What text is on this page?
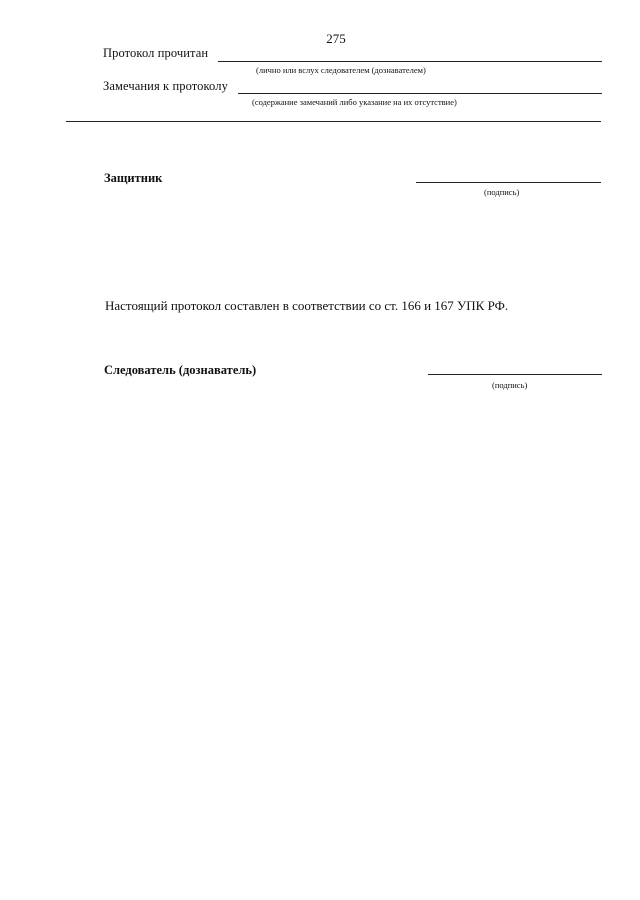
275
Протокол прочитан
(лично или вслух следователем (дознавателем)
Замечания к протоколу
(содержание замечаний либо указание на их отсутствие)
Защитник
(подпись)
Настоящий протокол составлен в соответствии со ст. 166 и 167 УПК РФ.
Следователь (дознаватель)
(подпись)
